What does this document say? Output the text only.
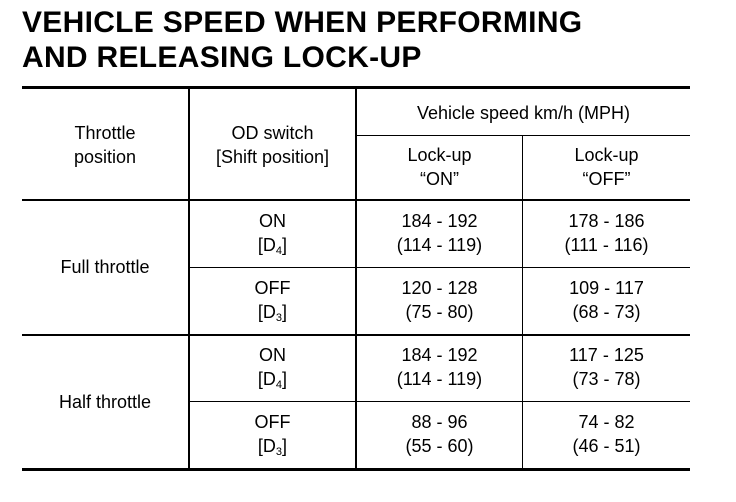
VEHICLE SPEED WHEN PERFORMING
AND RELEASING LOCK-UP
Throttle
position
OD switch
[Shift position]
Vehicle speed km/h (MPH)
Lock-up
“ON”
Lock-up
“OFF”
Full throttle
ON
$[D_4]$
184 - 192
(114 - 119)
178 - 186
(111 - 116)
OFF
$[D_3]$
120 - 128
(75 - 80)
109 - 117
(68 - 73)
Half throttle
ON
$[D_4]$
184 - 192
(114 - 119)
117 - 125
(73 - 78)
OFF
$[D_3]$
88 - 96
(55 - 60)
74 - 82
(46 - 51)
